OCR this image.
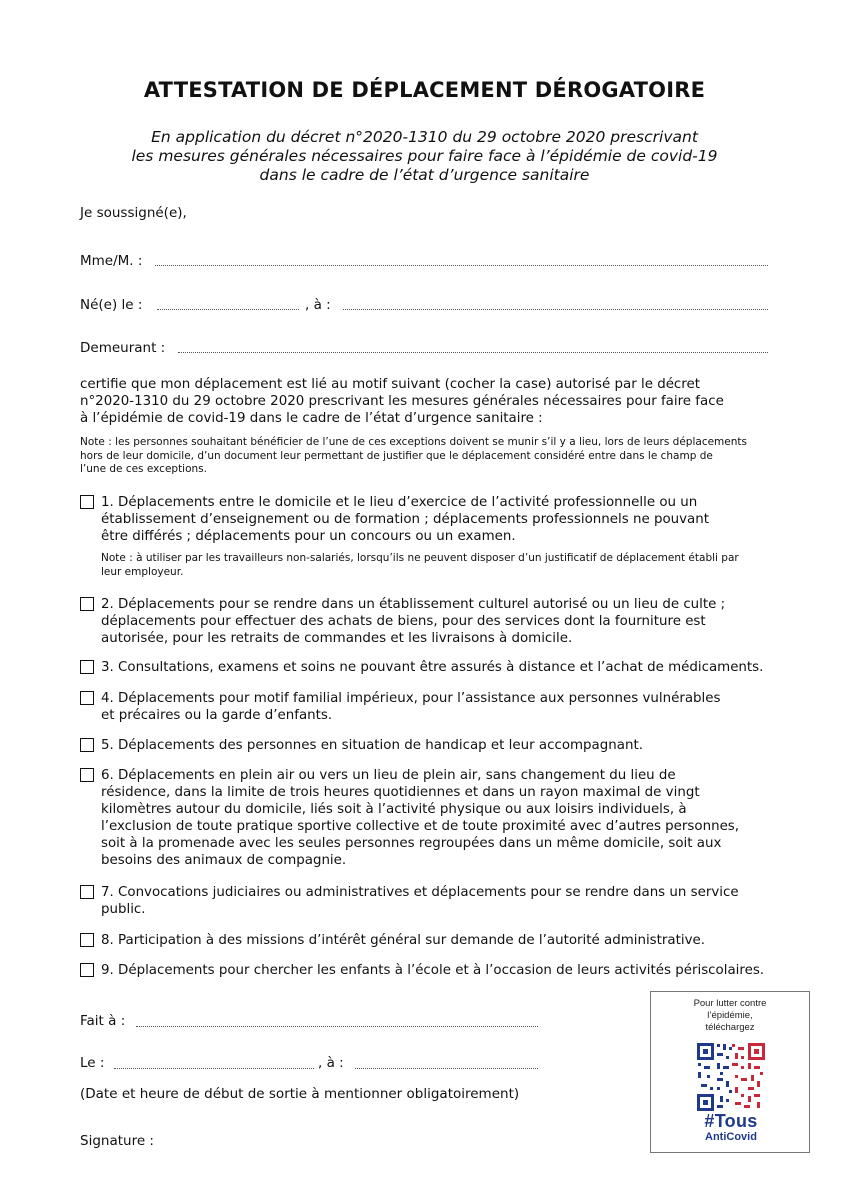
ATTESTATION DE DÉPLACEMENT DÉROGATOIRE
En application du décret n°2020-1310 du 29 octobre 2020 prescrivant
les mesures générales nécessaires pour faire face à l’épidémie de covid-19
dans le cadre de l’état d’urgence sanitaire
Je soussigné(e),
Mme/M. :
Né(e) le :	, à :
Demeurant :
certifie que mon déplacement est lié au motif suivant (cocher la case) autorisé par le décret
n°2020-1310 du 29 octobre 2020 prescrivant les mesures générales nécessaires pour faire face
à l’épidémie de covid-19 dans le cadre de l’état d’urgence sanitaire :
Note : les personnes souhaitant bénéficier de l’une de ces exceptions doivent se munir s’il y a lieu, lors de leurs déplacements
hors de leur domicile, d’un document leur permettant de justifier que le déplacement considéré entre dans le champ de
l’une de ces exceptions.
1. Déplacements entre le domicile et le lieu d’exercice de l’activité professionnelle ou un
établissement d’enseignement ou de formation ; déplacements professionnels ne pouvant
être différés ; déplacements pour un concours ou un examen.
Note : à utiliser par les travailleurs non-salariés, lorsqu’ils ne peuvent disposer d’un justificatif de déplacement établi par
leur employeur.
2. Déplacements pour se rendre dans un établissement culturel autorisé ou un lieu de culte ;
déplacements pour effectuer des achats de biens, pour des services dont la fourniture est
autorisée, pour les retraits de commandes et les livraisons à domicile.
3. Consultations, examens et soins ne pouvant être assurés à distance et l’achat de médicaments.
4. Déplacements pour motif familial impérieux, pour l’assistance aux personnes vulnérables
et précaires ou la garde d’enfants.
5. Déplacements des personnes en situation de handicap et leur accompagnant.
6. Déplacements en plein air ou vers un lieu de plein air, sans changement du lieu de
résidence, dans la limite de trois heures quotidiennes et dans un rayon maximal de vingt
kilomètres autour du domicile, liés soit à l’activité physique ou aux loisirs individuels, à
l’exclusion de toute pratique sportive collective et de toute proximité avec d’autres personnes,
soit à la promenade avec les seules personnes regroupées dans un même domicile, soit aux
besoins des animaux de compagnie.
7. Convocations judiciaires ou administratives et déplacements pour se rendre dans un service
public.
8. Participation à des missions d’intérêt général sur demande de l’autorité administrative.
9. Déplacements pour chercher les enfants à l’école et à l’occasion de leurs activités périscolaires.
Fait à :
Le :	, à :
(Date et heure de début de sortie à mentionner obligatoirement)
Signature :
Pour lutter contre
l’épidémie,
téléchargez
#Tous
AntiCovid
